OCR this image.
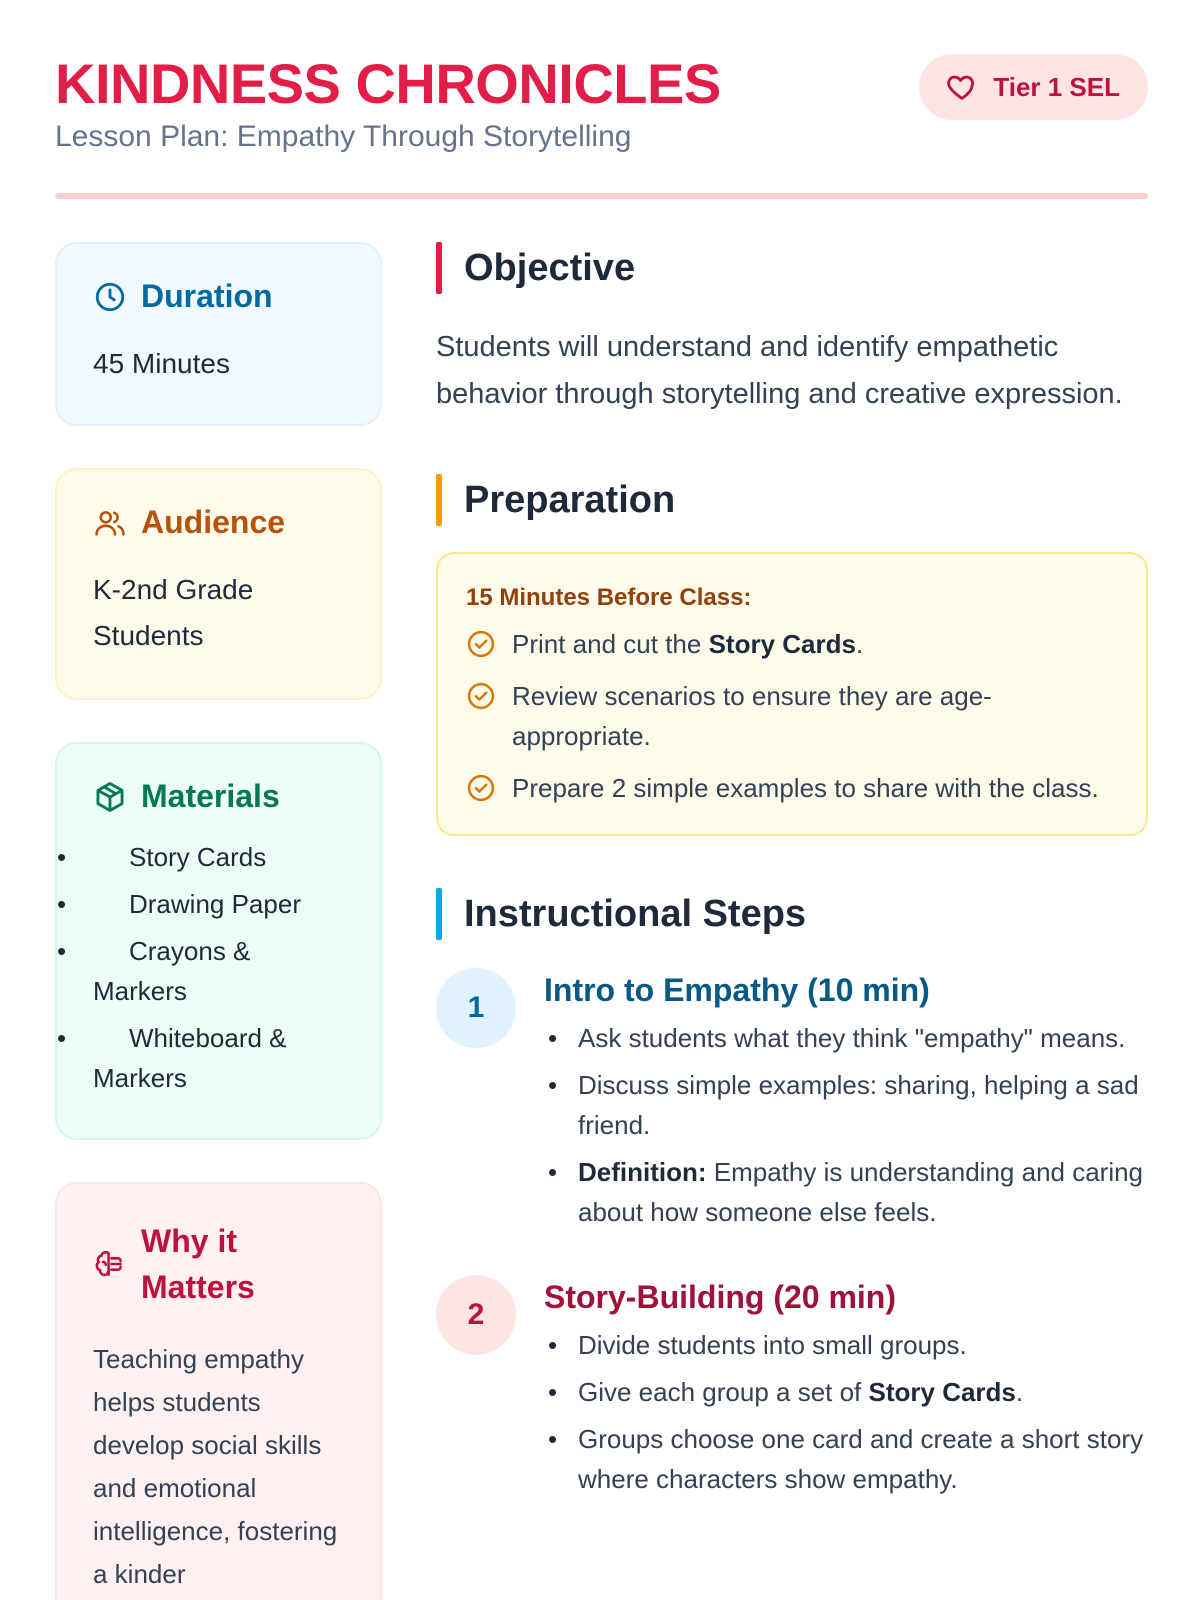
KINDNESS CHRONICLES
Lesson Plan: Empathy Through Storytelling
Tier 1 SEL
Duration
45 Minutes
Audience
K-2nd Grade Students
Materials
• Story Cards
• Drawing Paper
• Crayons & Markers
• Whiteboard & Markers
Why it Matters
Teaching empathy helps students develop social skills and emotional intelligence, fostering a kinder
Objective
Students will understand and identify empathetic behavior through storytelling and creative expression.
Preparation
15 Minutes Before Class:
Print and cut the Story Cards.
Review scenarios to ensure they are age-appropriate.
Prepare 2 simple examples to share with the class.
Instructional Steps
1	Intro to Empathy (10 min)
• Ask students what they think "empathy" means.
• Discuss simple examples: sharing, helping a sad friend.
• Definition: Empathy is understanding and caring about how someone else feels.
2	Story-Building (20 min)
• Divide students into small groups.
• Give each group a set of Story Cards.
• Groups choose one card and create a short story where characters show empathy.
